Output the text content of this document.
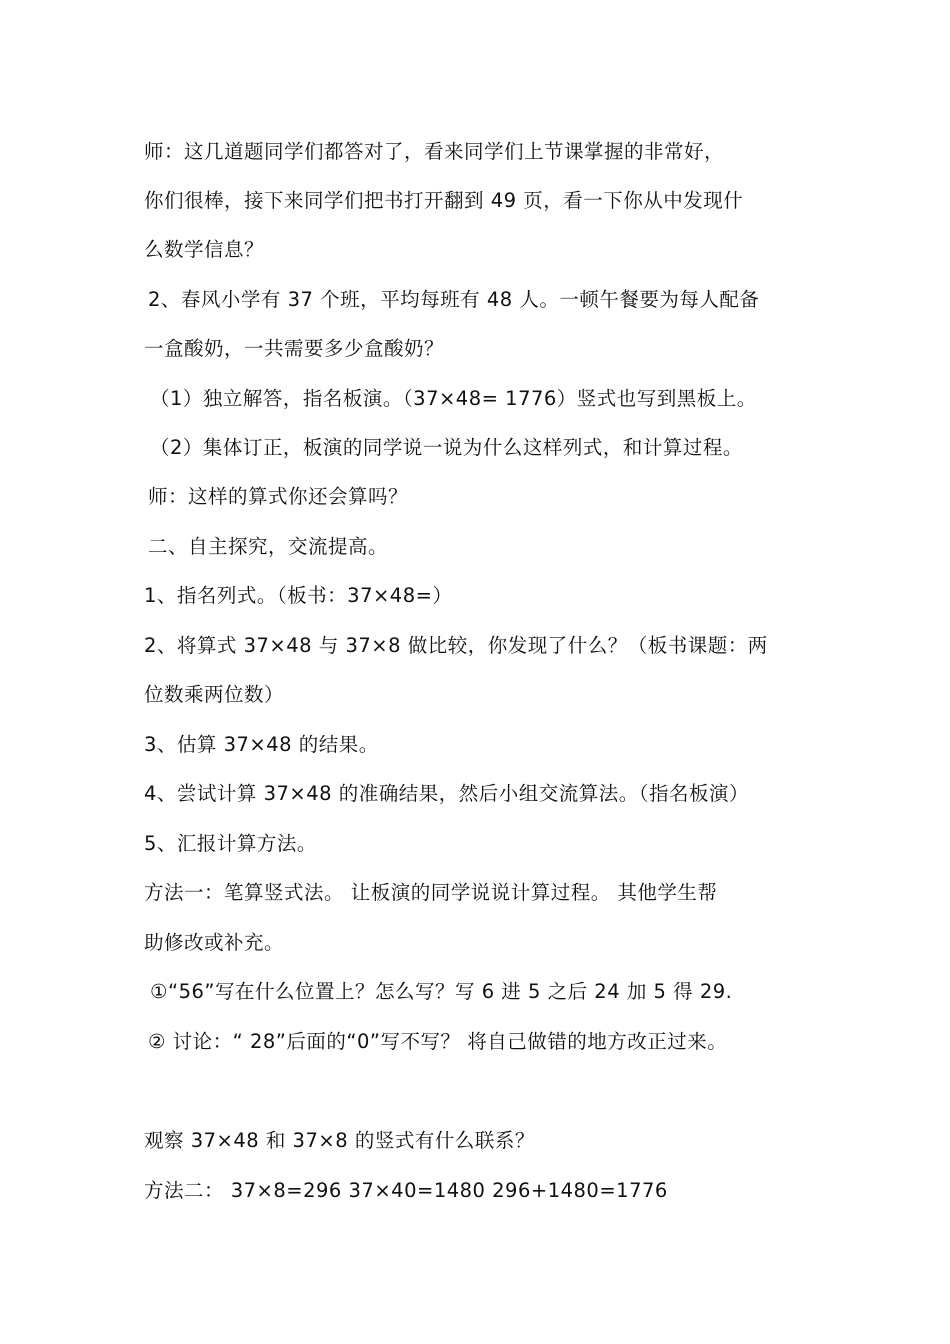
师：这几道题同学们都答对了，看来同学们上节课掌握的非常好，
你们很棒，接下来同学们把书打开翻到 49 页，看一下你从中发现什
么数学信息？
2、春风小学有 37 个班，平均每班有 48 人。一顿午餐要为每人配备
一盒酸奶，一共需要多少盒酸奶？
（1）独立解答，指名板演。（37×48= 1776）竖式也写到黑板上。
（2）集体订正，板演的同学说一说为什么这样列式，和计算过程。
师：这样的算式你还会算吗？
二、自主探究，交流提高。
1、指名列式。（板书：37×48=）
2、将算式 37×48 与 37×8 做比较，你发现了什么？（板书课题：两
位数乘两位数）
3、估算 37×48 的结果。
4、尝试计算 37×48 的准确结果，然后小组交流算法。（指名板演）
5、汇报计算方法。
方法一：笔算竖式法。 让板演的同学说说计算过程。 其他学生帮
助修改或补充。
①“56”写在什么位置上？怎么写？写 6 进 5 之后 24 加 5 得 29.
② 讨论：“ 28”后面的“0”写不写？ 将自己做错的地方改正过来。
观察 37×48 和 37×8 的竖式有什么联系？
方法二： 37×8=296 37×40=1480 296+1480=1776
